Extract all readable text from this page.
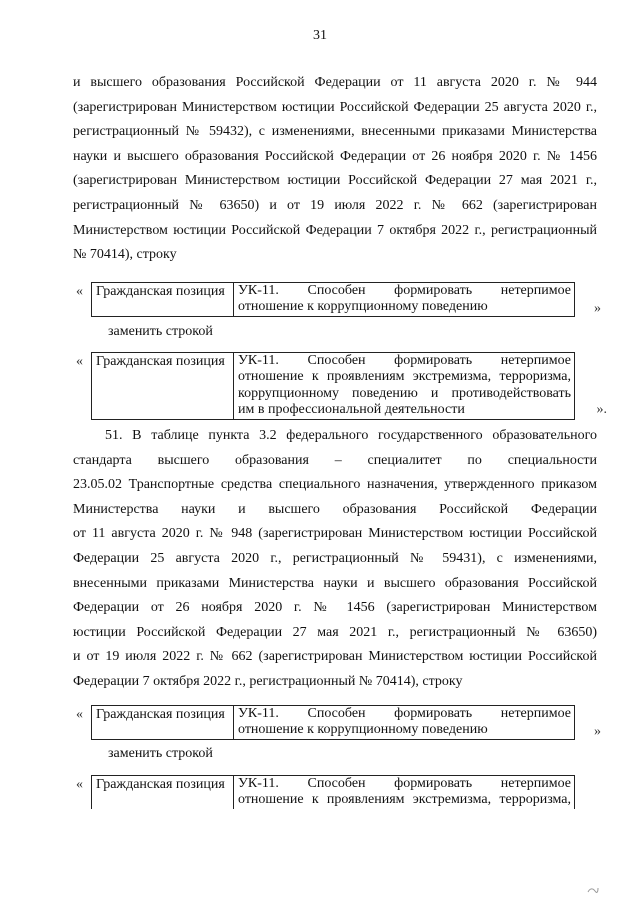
31
и высшего образования Российской Федерации от 11 августа 2020 г. № 944
(зарегистрирован Министерством юстиции Российской Федерации 25 августа 2020 г.,
регистрационный № 59432), с изменениями, внесенными приказами Министерства
науки и высшего образования Российской Федерации от 26 ноября 2020 г. № 1456
(зарегистрирован Министерством юстиции Российской Федерации 27 мая 2021 г.,
регистрационный № 63650) и от 19 июля 2022 г. № 662 (зарегистрирован
Министерством юстиции Российской Федерации 7 октября 2022 г., регистрационный
№ 70414), строку
« Гражданская позиция УК-11. Способен формировать нетерпимое
отношение к коррупционному поведению	»
заменить строкой
« Гражданская позиция УК-11. Способен формировать нетерпимое
отношение к проявлениям экстремизма, терроризма,
коррупционному поведению и противодействовать
им в профессиональной деятельности	».
51. В таблице пункта 3.2 федерального государственного образовательного
стандарта высшего образования – специалитет по специальности
23.05.02 Транспортные средства специального назначения, утвержденного приказом
Министерства науки и высшего образования Российской Федерации
от 11 августа 2020 г. № 948 (зарегистрирован Министерством юстиции Российской
Федерации 25 августа 2020 г., регистрационный № 59431), с изменениями,
внесенными приказами Министерства науки и высшего образования Российской
Федерации от 26 ноября 2020 г. № 1456 (зарегистрирован Министерством
юстиции Российской Федерации 27 мая 2021 г., регистрационный № 63650)
и от 19 июля 2022 г. № 662 (зарегистрирован Министерством юстиции Российской
Федерации 7 октября 2022 г., регистрационный № 70414), строку
« Гражданская позиция УК-11. Способен формировать нетерпимое
отношение к коррупционному поведению	»
заменить строкой
« Гражданская позиция УК-11. Способен формировать нетерпимое
отношение к проявлениям экстремизма, терроризма,
